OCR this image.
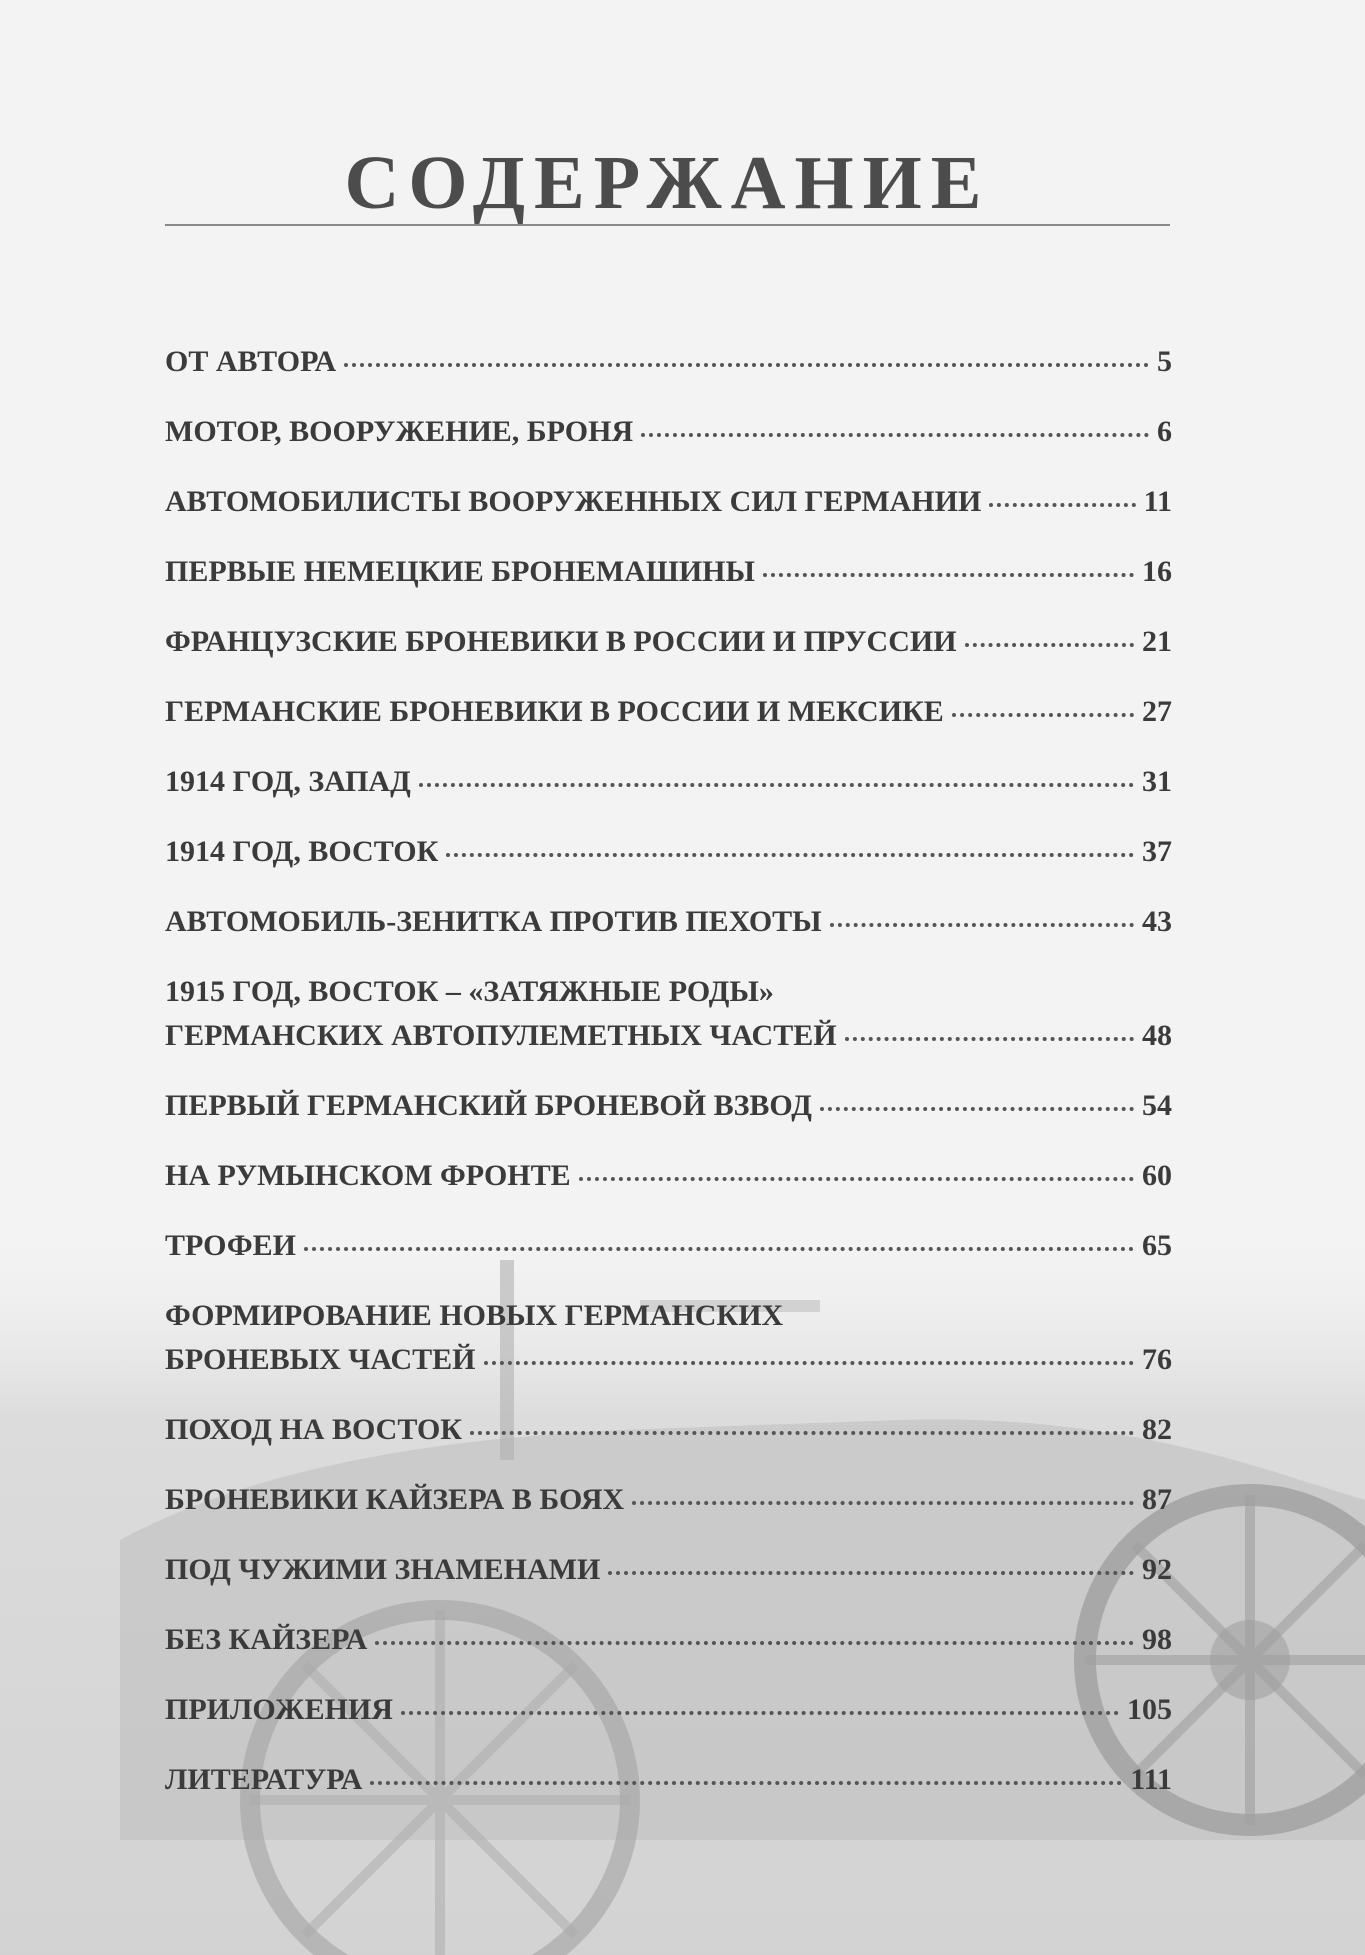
СОДЕРЖАНИЕ
ОТ АВТОРА	5
МОТОР, ВООРУЖЕНИЕ, БРОНЯ	6
АВТОМОБИЛИСТЫ ВООРУЖЕННЫХ СИЛ ГЕРМАНИИ	11
ПЕРВЫЕ НЕМЕЦКИЕ БРОНЕМАШИНЫ	16
ФРАНЦУЗСКИЕ БРОНЕВИКИ В РОССИИ И ПРУССИИ	21
ГЕРМАНСКИЕ БРОНЕВИКИ В РОССИИ И МЕКСИКЕ	27
1914 ГОД, ЗАПАД	31
1914 ГОД, ВОСТОК	37
АВТОМОБИЛЬ-ЗЕНИТКА ПРОТИВ ПЕХОТЫ	43
1915 ГОД, ВОСТОК – «ЗАТЯЖНЫЕ РОДЫ»
ГЕРМАНСКИХ АВТОПУЛЕМЕТНЫХ ЧАСТЕЙ	48
ПЕРВЫЙ ГЕРМАНСКИЙ БРОНЕВОЙ ВЗВОД	54
НА РУМЫНСКОМ ФРОНТЕ	60
ТРОФЕИ	65
ФОРМИРОВАНИЕ НОВЫХ ГЕРМАНСКИХ
БРОНЕВЫХ ЧАСТЕЙ	76
ПОХОД НА ВОСТОК	82
БРОНЕВИКИ КАЙЗЕРА В БОЯХ	87
ПОД ЧУЖИМИ ЗНАМЕНАМИ	92
БЕЗ КАЙЗЕРА	98
ПРИЛОЖЕНИЯ	105
ЛИТЕРАТУРА	111
